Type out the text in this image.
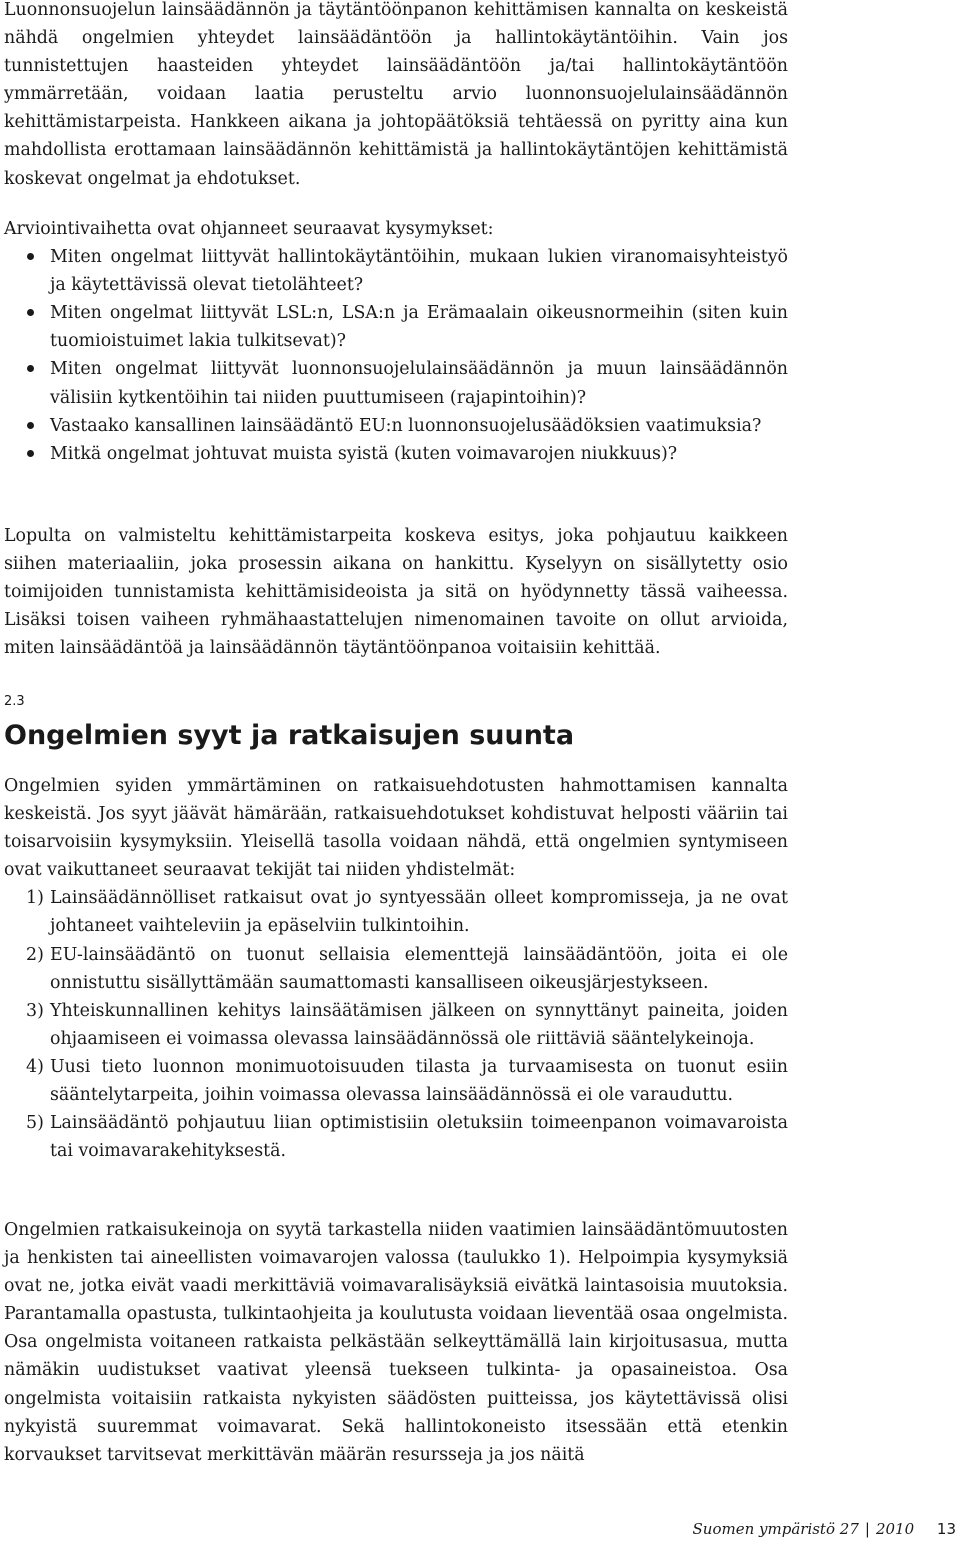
Luonnonsuojelun lainsäädännön ja täytäntöönpanon kehittämisen kannalta on keskeistä nähdä ongelmien yhteydet lainsäädäntöön ja hallintokäytäntöihin. Vain jos tunnistettujen haasteiden yhteydet lainsäädäntöön ja/tai hallintokäytäntöön ymmärretään, voidaan laatia perusteltu arvio luonnonsuojelulainsäädännön kehittämistarpeista. Hankkeen aikana ja johtopäätöksiä tehtäessä on pyritty aina kun mahdollista erottamaan lainsäädännön kehittämistä ja hallintokäytäntöjen kehittämistä koskevat ongelmat ja ehdotukset.

Arviointivaihetta ovat ohjanneet seuraavat kysymykset:

Miten ongelmat liittyvät hallintokäytäntöihin, mukaan lukien viranomaisyhteistyö ja käytettävissä olevat tietolähteet?
Miten ongelmat liittyvät LSL:n, LSA:n ja Erämaalain oikeusnormeihin (siten kuin tuomioistuimet lakia tulkitsevat)?
Miten ongelmat liittyvät luonnonsuojelulainsäädännön ja muun lainsäädännön välisiin kytkentöihin tai niiden puuttumiseen (rajapintoihin)?
Vastaako kansallinen lainsäädäntö EU:n luonnonsuojelusäädöksien vaatimuksia?
Mitkä ongelmat johtuvat muista syistä (kuten voimavarojen niukkuus)?

Lopulta on valmisteltu kehittämistarpeita koskeva esitys, joka pohjautuu kaikkeen siihen materiaaliin, joka prosessin aikana on hankittu. Kyselyyn on sisällytetty osio toimijoiden tunnistamista kehittämisideoista ja sitä on hyödynnetty tässä vaiheessa. Lisäksi toisen vaiheen ryhmähaastattelujen nimenomainen tavoite on ollut arvioida, miten lainsäädäntöä ja lainsäädännön täytäntöönpanoa voitaisiin kehittää.

2.3
Ongelmien syyt ja ratkaisujen suunta

Ongelmien syiden ymmärtäminen on ratkaisuehdotusten hahmottamisen kannalta keskeistä. Jos syyt jäävät hämärään, ratkaisuehdotukset kohdistuvat helposti vääriin tai toisarvoisiin kysymyksiin. Yleisellä tasolla voidaan nähdä, että ongelmien syntymiseen ovat vaikuttaneet seuraavat tekijät tai niiden yhdistelmät:

1) Lainsäädännölliset ratkaisut ovat jo syntyessään olleet kompromisseja, ja ne ovat johtaneet vaihteleviin ja epäselviin tulkintoihin.
2) EU-lainsäädäntö on tuonut sellaisia elementtejä lainsäädäntöön, joita ei ole onnistuttu sisällyttämään saumattomasti kansalliseen oikeusjärjestykseen.
3) Yhteiskunnallinen kehitys lainsäätämisen jälkeen on synnyttänyt paineita, joiden ohjaamiseen ei voimassa olevassa lainsäädännössä ole riittäviä sääntelykeinoja.
4) Uusi tieto luonnon monimuotoisuuden tilasta ja turvaamisesta on tuonut esiin sääntelytarpeita, joihin voimassa olevassa lainsäädännössä ei ole varauduttu.
5) Lainsäädäntö pohjautuu liian optimistisiin oletuksiin toimeenpanon voimavaroista tai voimavarakehityksestä.

Ongelmien ratkaisukeinoja on syytä tarkastella niiden vaatimien lainsäädäntömuutosten ja henkisten tai aineellisten voimavarojen valossa (taulukko 1). Helpoimpia kysymyksiä ovat ne, jotka eivät vaadi merkittäviä voimavaralisäyksiä eivätkä laintasoisia muutoksia. Parantamalla opastusta, tulkintaohjeita ja koulutusta voidaan lieventää osaa ongelmista. Osa ongelmista voitaneen ratkaista pelkästään selkeyttämällä lain kirjoitusasua, mutta nämäkin uudistukset vaativat yleensä tuekseen tulkinta- ja opasaineistoa. Osa ongelmista voitaisiin ratkaista nykyisten säädösten puitteissa, jos käytettävissä olisi nykyistä suuremmat voimavarat. Sekä hallintokoneisto itsessään että etenkin korvaukset tarvitsevat merkittävän määrän resursseja ja jos näitä

Suomen ympäristö 27 | 2010 13
